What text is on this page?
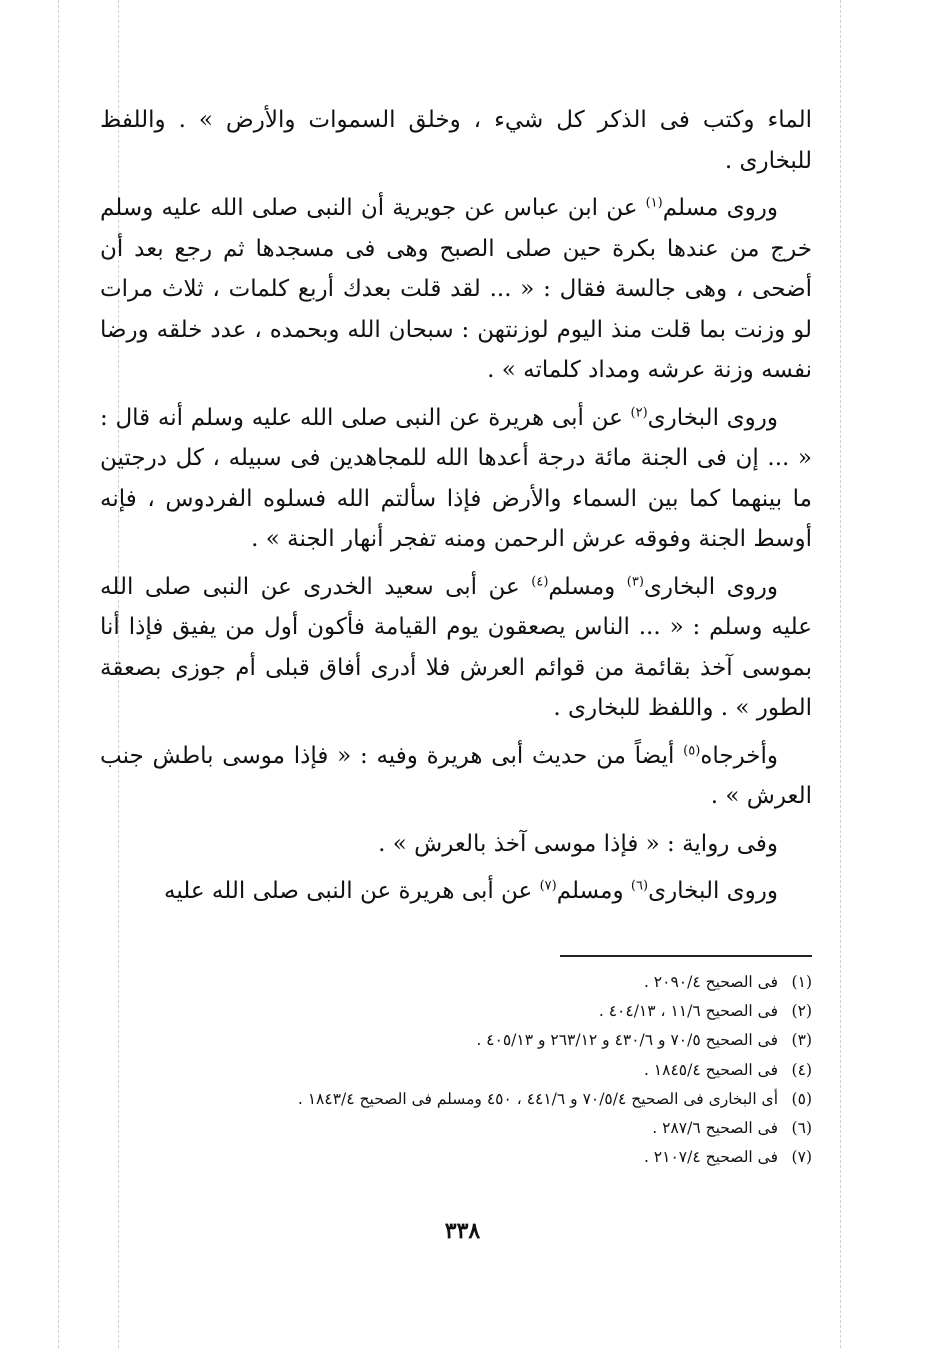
الماء وكتب فى الذكر كل شيء ، وخلق السموات والأرض » . واللفظ للبخارى .

وروى مسلم$^{(١)}$ عن ابن عباس عن جويرية أن النبى صلى الله عليه وسلم خرج من عندها بكرة حين صلى الصبح وهى فى مسجدها ثم رجع بعد أن أضحى ، وهى جالسة فقال : « ... لقد قلت بعدك أربع كلمات ، ثلاث مرات لو وزنت بما قلت منذ اليوم لوزنتهن : سبحان الله وبحمده ، عدد خلقه ورضا نفسه وزنة عرشه ومداد كلماته » .

وروى البخارى$^{(٢)}$ عن أبى هريرة عن النبى صلى الله عليه وسلم أنه قال : « ... إن فى الجنة مائة درجة أعدها الله للمجاهدين فى سبيله ، كل درجتين ما بينهما كما بين السماء والأرض فإذا سألتم الله فسلوه الفردوس ، فإنه أوسط الجنة وفوقه عرش الرحمن ومنه تفجر أنهار الجنة » .

وروى البخارى$^{(٣)}$ ومسلم$^{(٤)}$ عن أبى سعيد الخدرى عن النبى صلى الله عليه وسلم : « ... الناس يصعقون يوم القيامة فأكون أول من يفيق فإذا أنا بموسى آخذ بقائمة من قوائم العرش فلا أدرى أفاق قبلى أم جوزى بصعقة الطور » . واللفظ للبخارى .

وأخرجاه$^{(٥)}$ أيضاً من حديث أبى هريرة وفيه : « فإذا موسى باطش جنب العرش » .

وفى رواية : « فإذا موسى آخذ بالعرش » .

وروى البخارى$^{(٦)}$ ومسلم$^{(٧)}$ عن أبى هريرة عن النبى صلى الله عليه

(١)فى الصحيح ٢٠٩٠/٤ .
(٢)فى الصحيح ١١/٦ ، ٤٠٤/١٣ .
(٣)فى الصحيح ٧٠/٥ و ٤٣٠/٦ و ٢٦٣/١٢ و ٤٠٥/١٣ .
(٤)فى الصحيح ١٨٤٥/٤ .
(٥)أى البخارى فى الصحيح ٧٠/٥/٤ و ٤٤١/٦ ، ٤٥٠ ومسلم فى الصحيح ١٨٤٣/٤ .
(٦)فى الصحيح ٢٨٧/٦ .
(٧)فى الصحيح ٢١٠٧/٤ .
٣٣٨
